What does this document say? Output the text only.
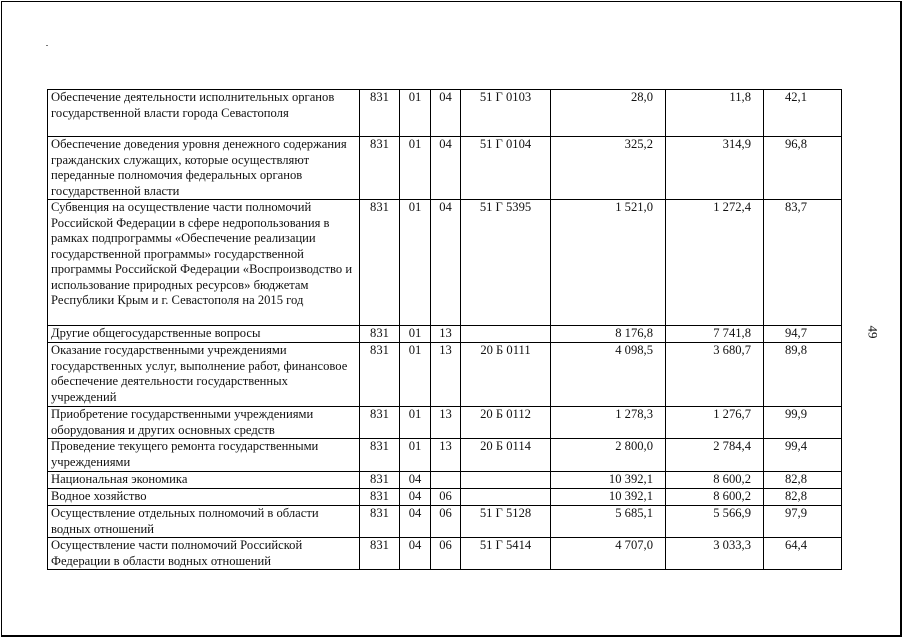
49
Обеспечение деятельности исполнительных органов государственной власти города Севастополя	831	01	04	51 Г 0103	28,0	11,8	42,1
Обеспечение доведения уровня денежного содержания гражданских служащих, которые осуществляют переданные полномочия федеральных органов государственной власти	831	01	04	51 Г 0104	325,2	314,9	96,8
Субвенция на осуществление части полномочий Российской Федерации в сфере недропользования в рамках подпрограммы «Обеспечение реализации государственной программы» государственной программы Российской Федерации «Воспроизводство и использование природных ресурсов» бюджетам Республики Крым и г. Севастополя на 2015 год	831	01	04	51 Г 5395	1 521,0	1 272,4	83,7
Другие общегосударственные вопросы	831	01	13		8 176,8	7 741,8	94,7
Оказание государственными учреждениями государственных услуг, выполнение работ, финансовое обеспечение деятельности государственных учреждений	831	01	13	20 Б 0111	4 098,5	3 680,7	89,8
Приобретение государственными учреждениями оборудования и других основных средств	831	01	13	20 Б 0112	1 278,3	1 276,7	99,9
Проведение текущего ремонта государственными учреждениями	831	01	13	20 Б 0114	2 800,0	2 784,4	99,4
Национальная экономика	831	04			10 392,1	8 600,2	82,8
Водное хозяйство	831	04	06		10 392,1	8 600,2	82,8
Осуществление отдельных полномочий в области водных отношений	831	04	06	51 Г 5128	5 685,1	5 566,9	97,9
Осуществление части полномочий Российской Федерации в области водных отношений	831	04	06	51 Г 5414	4 707,0	3 033,3	64,4
